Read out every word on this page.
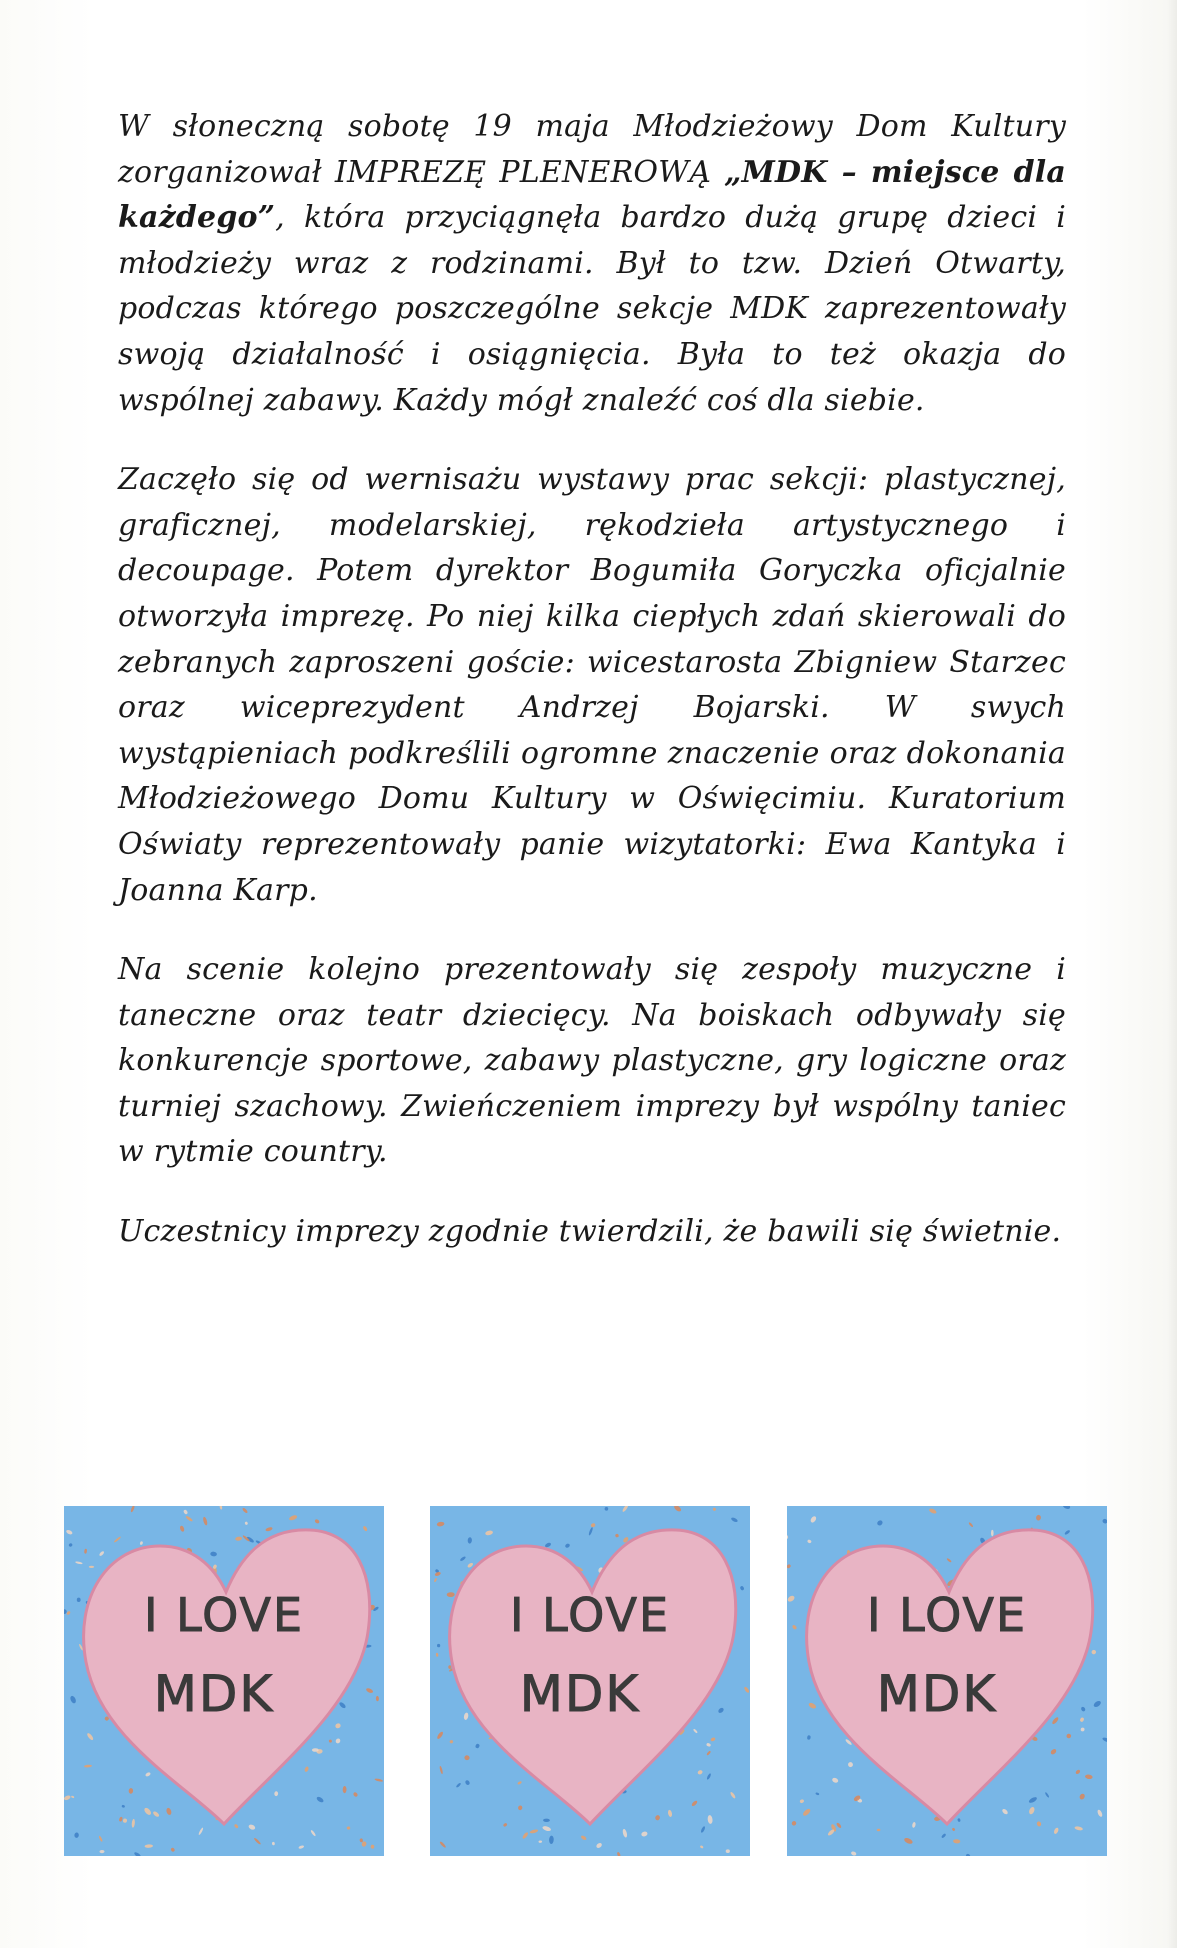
W słoneczną sobotę 19 maja Młodzieżowy Dom Kultury zorganizował IMPREZĘ PLENEROWĄ „MDK – miejsce dla każdego”, która przyciągnęła bardzo dużą grupę dzieci i młodzieży wraz z rodzinami. Był to tzw. Dzień Otwarty, podczas którego poszczególne sekcje MDK zaprezentowały swoją działalność i osiągnięcia. Była to też okazja do wspólnej zabawy. Każdy mógł znaleźć coś dla siebie.

Zaczęło się od wernisażu wystawy prac sekcji: plastycznej, graficznej, modelarskiej, rękodzieła artystycznego i decoupage. Potem dyrektor Bogumiła Goryczka oficjalnie otworzyła imprezę. Po niej kilka ciepłych zdań skierowali do zebranych zaproszeni goście: wicestarosta Zbigniew Starzec oraz wiceprezydent Andrzej Bojarski. W swych wystąpieniach podkreślili ogromne znaczenie oraz dokonania Młodzieżowego Domu Kultury w Oświęcimiu. Kuratorium Oświaty reprezentowały panie wizytatorki: Ewa Kantyka i Joanna Karp.

Na scenie kolejno prezentowały się zespoły muzyczne i taneczne oraz teatr dziecięcy. Na boiskach odbywały się konkurencje sportowe, zabawy plastyczne, gry logiczne oraz turniej szachowy. Zwieńczeniem imprezy był wspólny taniec w rytmie country.

Uczestnicy imprezy zgodnie twierdzili, że bawili się świetnie.

I LOVE
MDK
I LOVE
MDK
I LOVE
MDK
